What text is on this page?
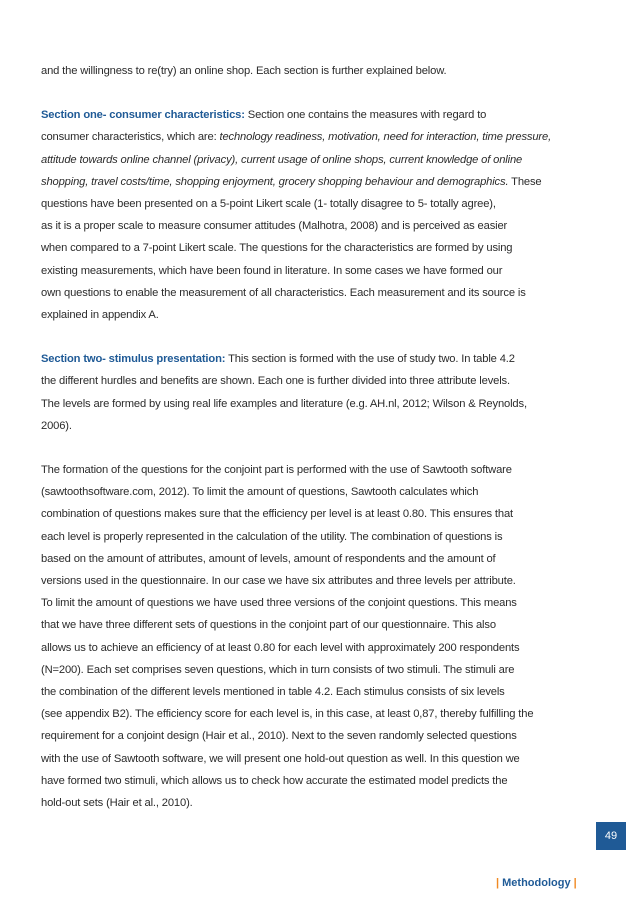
and the willingness to re(try) an online shop. Each section is further explained below.

Section one- consumer characteristics: Section one contains the measures with regard to
consumer characteristics, which are: technology readiness, motivation, need for interaction, time pressure,
attitude towards online channel (privacy), current usage of online shops, current knowledge of online
shopping, travel costs/time, shopping enjoyment, grocery shopping behaviour and demographics. These
questions have been presented on a 5-point Likert scale (1- totally disagree to 5- totally agree),
as it is a proper scale to measure consumer attitudes (Malhotra, 2008) and is perceived as easier
when compared to a 7-point Likert scale. The questions for the characteristics are formed by using
existing measurements, which have been found in literature. In some cases we have formed our
own questions to enable the measurement of all characteristics. Each measurement and its source is
explained in appendix A.

Section two- stimulus presentation: This section is formed with the use of study two. In table 4.2
the different hurdles and benefits are shown. Each one is further divided into three attribute levels.
The levels are formed by using real life examples and literature (e.g. AH.nl, 2012; Wilson & Reynolds,
2006).

The formation of the questions for the conjoint part is performed with the use of Sawtooth software
(sawtoothsoftware.com, 2012). To limit the amount of questions, Sawtooth calculates which
combination of questions makes sure that the efficiency per level is at least 0.80. This ensures that
each level is properly represented in the calculation of the utility. The combination of questions is
based on the amount of attributes, amount of levels, amount of respondents and the amount of
versions used in the questionnaire. In our case we have six attributes and three levels per attribute.
To limit the amount of questions we have used three versions of the conjoint questions. This means
that we have three different sets of questions in the conjoint part of our questionnaire. This also
allows us to achieve an efficiency of at least 0.80 for each level with approximately 200 respondents
(N=200). Each set comprises seven questions, which in turn consists of two stimuli. The stimuli are
the combination of the different levels mentioned in table 4.2. Each stimulus consists of six levels
(see appendix B2). The efficiency score for each level is, in this case, at least 0,87, thereby fulfilling the
requirement for a conjoint design (Hair et al., 2010). Next to the seven randomly selected questions
with the use of Sawtooth software, we will present one hold-out question as well. In this question we
have formed two stimuli, which allows us to check how accurate the estimated model predicts the
hold-out sets (Hair et al., 2010).

49
| Methodology |
